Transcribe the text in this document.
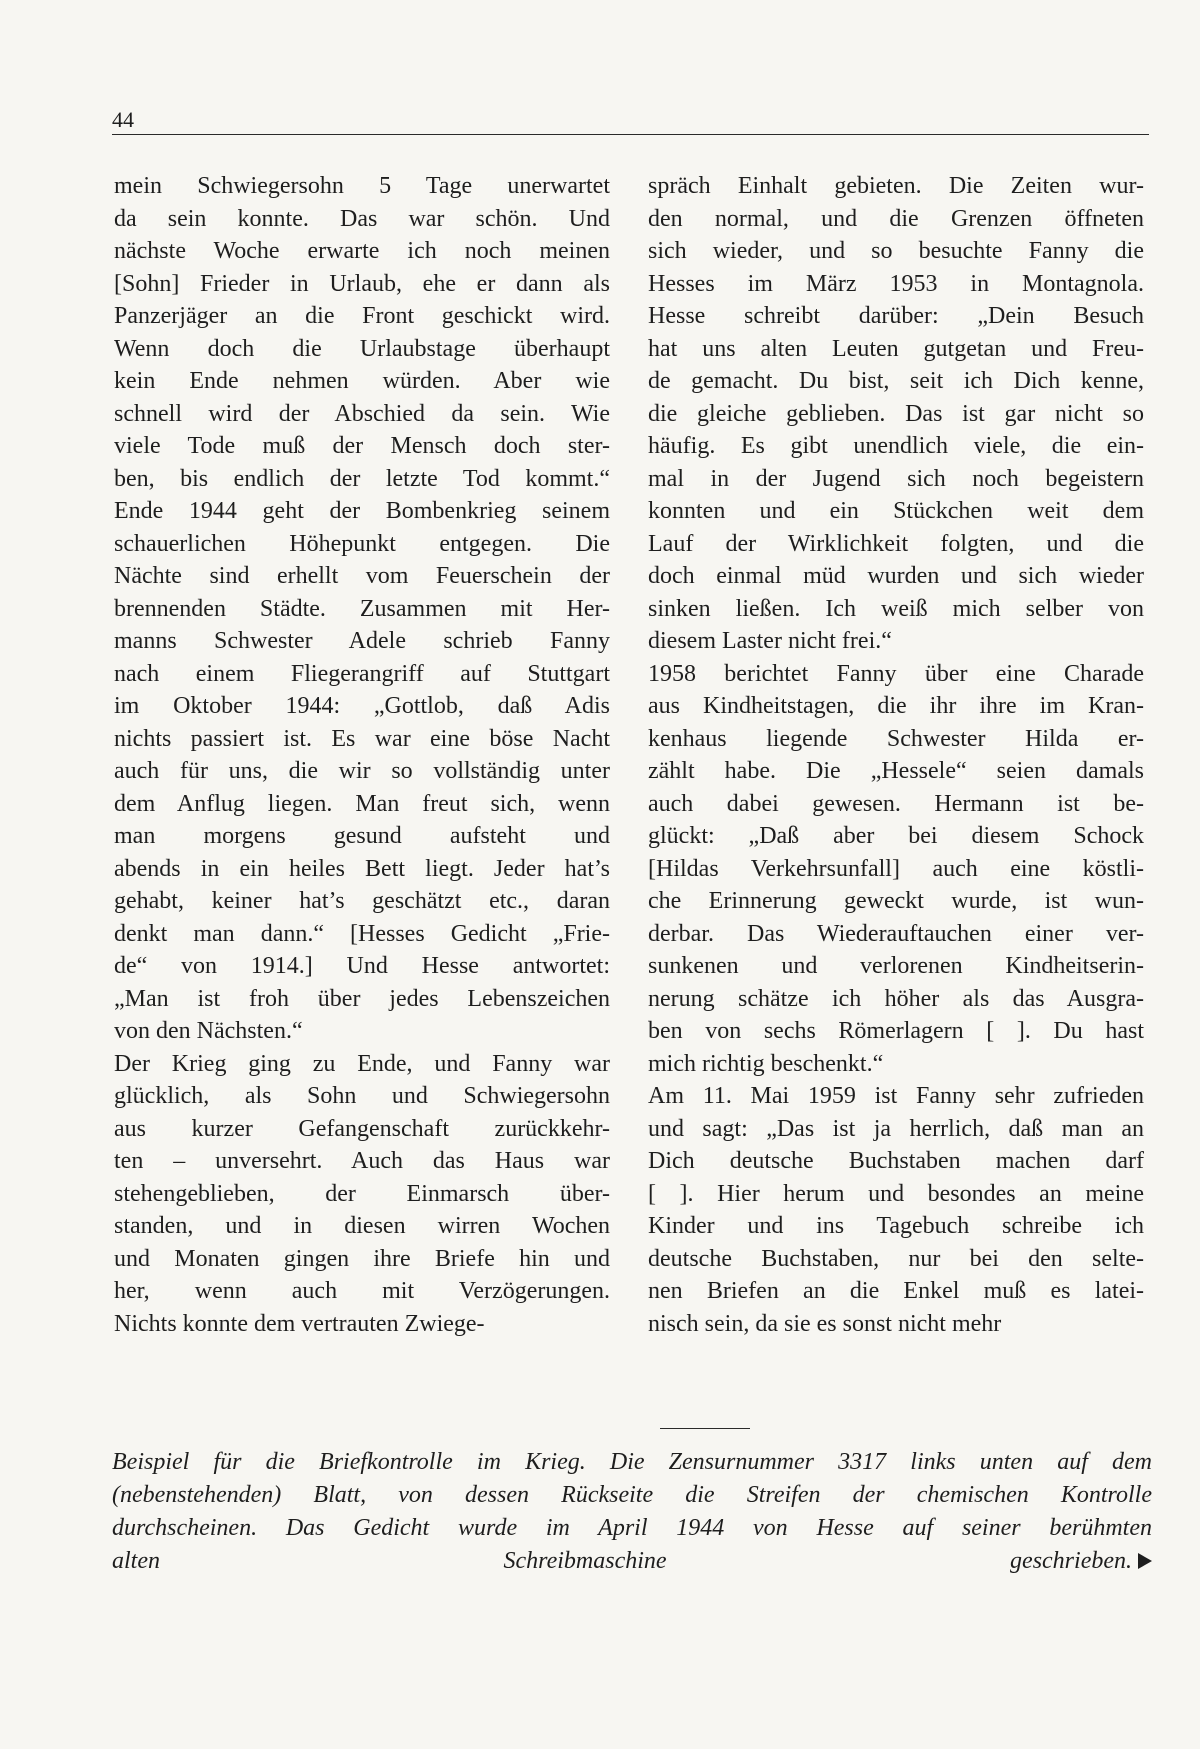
44
mein Schwiegersohn 5 Tage unerwartet
da sein konnte. Das war schön. Und
nächste Woche erwarte ich noch meinen
[Sohn] Frieder in Urlaub, ehe er dann als
Panzerjäger an die Front geschickt wird.
Wenn doch die Urlaubstage überhaupt
kein Ende nehmen würden. Aber wie
schnell wird der Abschied da sein. Wie
viele Tode muß der Mensch doch ster-
ben, bis endlich der letzte Tod kommt.“
Ende 1944 geht der Bombenkrieg seinem
schauerlichen Höhepunkt entgegen. Die
Nächte sind erhellt vom Feuerschein der
brennenden Städte. Zusammen mit Her-
manns Schwester Adele schrieb Fanny
nach einem Fliegerangriff auf Stuttgart
im Oktober 1944: „Gottlob, daß Adis
nichts passiert ist. Es war eine böse Nacht
auch für uns, die wir so vollständig unter
dem Anflug liegen. Man freut sich, wenn
man morgens gesund aufsteht und
abends in ein heiles Bett liegt. Jeder hat’s
gehabt, keiner hat’s geschätzt etc., daran
denkt man dann.“ [Hesses Gedicht „Frie-
de“ von 1914.] Und Hesse antwortet:
„Man ist froh über jedes Lebenszeichen
von den Nächsten.“
Der Krieg ging zu Ende, und Fanny war
glücklich, als Sohn und Schwiegersohn
aus kurzer Gefangenschaft zurückkehr-
ten – unversehrt. Auch das Haus war
stehengeblieben, der Einmarsch über-
standen, und in diesen wirren Wochen
und Monaten gingen ihre Briefe hin und
her, wenn auch mit Verzögerungen.
Nichts konnte dem vertrauten Zwiege-
spräch Einhalt gebieten. Die Zeiten wur-
den normal, und die Grenzen öffneten
sich wieder, und so besuchte Fanny die
Hesses im März 1953 in Montagnola.
Hesse schreibt darüber: „Dein Besuch
hat uns alten Leuten gutgetan und Freu-
de gemacht. Du bist, seit ich Dich kenne,
die gleiche geblieben. Das ist gar nicht so
häufig. Es gibt unendlich viele, die ein-
mal in der Jugend sich noch begeistern
konnten und ein Stückchen weit dem
Lauf der Wirklichkeit folgten, und die
doch einmal müd wurden und sich wieder
sinken ließen. Ich weiß mich selber von
diesem Laster nicht frei.“
1958 berichtet Fanny über eine Charade
aus Kindheitstagen, die ihr ihre im Kran-
kenhaus liegende Schwester Hilda er-
zählt habe. Die „Hessele“ seien damals
auch dabei gewesen. Hermann ist be-
glückt: „Daß aber bei diesem Schock
[Hildas Verkehrsunfall] auch eine köstli-
che Erinnerung geweckt wurde, ist wun-
derbar. Das Wiederauftauchen einer ver-
sunkenen und verlorenen Kindheitserin-
nerung schätze ich höher als das Ausgra-
ben von sechs Römerlagern [ ]. Du hast
mich richtig beschenkt.“
Am 11. Mai 1959 ist Fanny sehr zufrieden
und sagt: „Das ist ja herrlich, daß man an
Dich deutsche Buchstaben machen darf
[ ]. Hier herum und besondes an meine
Kinder und ins Tagebuch schreibe ich
deutsche Buchstaben, nur bei den selte-
nen Briefen an die Enkel muß es latei-
nisch sein, da sie es sonst nicht mehr
Beispiel für die Briefkontrolle im Krieg. Die Zensurnummer 3317 links unten auf dem
(nebenstehenden) Blatt, von dessen Rückseite die Streifen der chemischen Kontrolle
durchscheinen. Das Gedicht wurde im April 1944 von Hesse auf seiner berühmten
alten Schreibmaschine geschrieben.
